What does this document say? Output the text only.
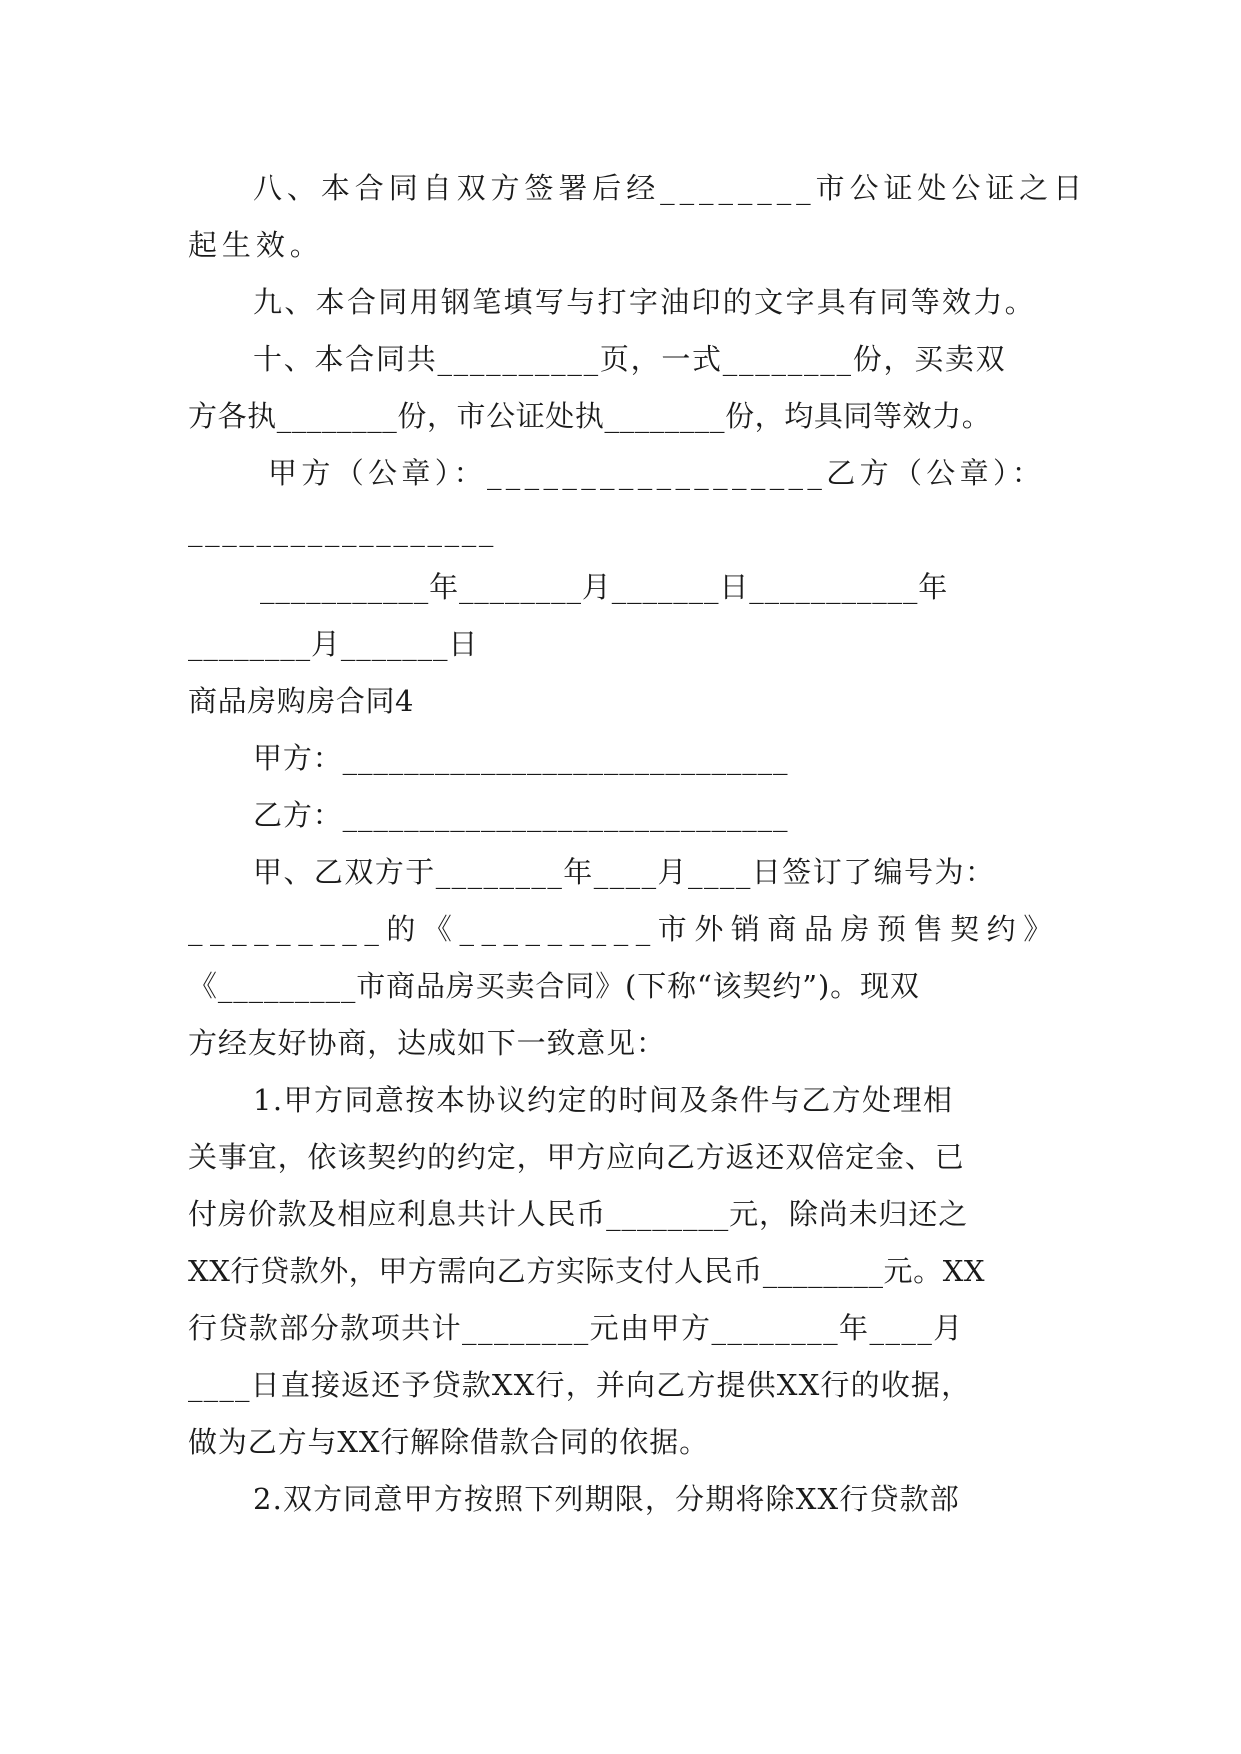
八、本合同自双方签署后经________市公证处公证之日
起生效。
九、本合同用钢笔填写与打字油印的文字具有同等效力。
十、本合同共__________页，一式________份，买卖双
方各执________份，市公证处执________份，均具同等效力。
甲方（公章）：__________________乙方（公章）：
__________________
___________年________月_______日___________年
________月_______日
商品房购房合同4
甲方：_____________________________
乙方：_____________________________
甲、乙双方于________年____月____日签订了编号为：
_________的《_________市外销商品房预售契约》
《_________市商品房买卖合同》(下称“该契约”)。现双
方经友好协商，达成如下一致意见：
1.甲方同意按本协议约定的时间及条件与乙方处理相
关事宜，依该契约的约定，甲方应向乙方返还双倍定金、已
付房价款及相应利息共计人民币________元，除尚未归还之
XX行贷款外，甲方需向乙方实际支付人民币________元。XX
行贷款部分款项共计________元由甲方________年____月
____日直接返还予贷款XX行，并向乙方提供XX行的收据，
做为乙方与XX行解除借款合同的依据。
2.双方同意甲方按照下列期限，分期将除XX行贷款部
